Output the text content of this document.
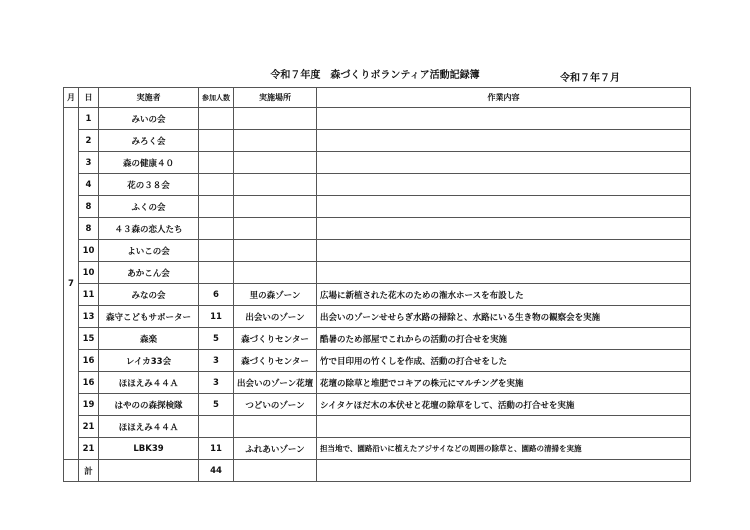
令和７年度　森づくりボランティア活動記録簿	令和７年７月
月	日	実施者	参加人数	実施場所	作業内容
7	1	みいの会			
	2	みろく会			
	3	森の健康４０			
	4	花の３８会			
	8	ふくの会			
	8	４３森の恋人たち			
	10	よいこの会			
	10	あかこん会			
	11	みなの会	6	里の森ゾーン	広場に新植された花木のための潅水ホースを布設した
	13	森守こどもサポーター	11	出会いのゾーン	出会いのゾーンせせらぎ水路の掃除と、水路にいる生き物の観察会を実施
	15	森楽	5	森づくりセンター	酷暑のため部屋でこれからの活動の打合せを実施
	16	レイカ33会	3	森づくりセンター	竹で目印用の竹くしを作成、活動の打合せをした
	16	ほほえみ４４Ａ	3	出会いのゾーン花壇	花壇の除草と堆肥でコキアの株元にマルチングを実施
	19	はやのの森探検隊	5	つどいのゾーン	シイタケほだ木の本伏せと花壇の除草をして、活動の打合せを実施
	21	ほほえみ４４Ａ			
	21	LBK39	11	ふれあいゾーン	担当地で、園路沿いに植えたアジサイなどの周囲の除草と、園路の清掃を実施
	計		44		
